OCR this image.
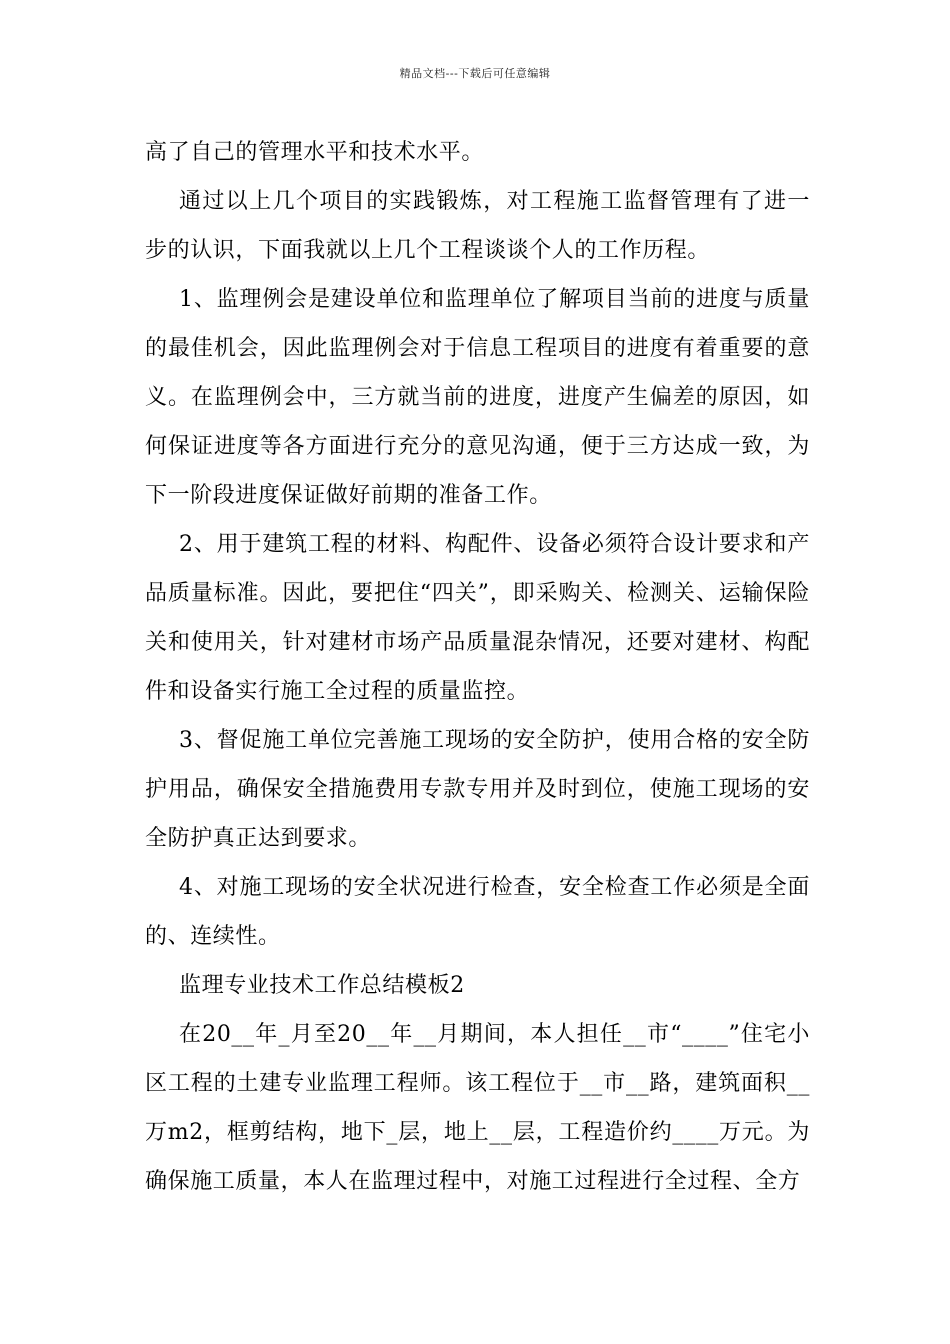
精品文档---下载后可任意编辑

高了自己的管理水平和技术水平。

通过以上几个项目的实践锻炼，对工程施工监督管理有了进一步的认识，下面我就以上几个工程谈谈个人的工作历程。

1、监理例会是建设单位和监理单位了解项目当前的进度与质量的最佳机会，因此监理例会对于信息工程项目的进度有着重要的意义。在监理例会中，三方就当前的进度，进度产生偏差的原因，如何保证进度等各方面进行充分的意见沟通，便于三方达成一致，为下一阶段进度保证做好前期的准备工作。

2、用于建筑工程的材料、构配件、设备必须符合设计要求和产品质量标准。因此，要把住“四关”，即采购关、检测关、运输保险关和使用关，针对建材市场产品质量混杂情况，还要对建材、构配件和设备实行施工全过程的质量监控。

3、督促施工单位完善施工现场的安全防护，使用合格的安全防护用品，确保安全措施费用专款专用并及时到位，使施工现场的安全防护真正达到要求。

4、对施工现场的安全状况进行检查，安全检查工作必须是全面的、连续性。

监理专业技术工作总结模板2

在20__年_月至20__年__月期间，本人担任__市“____”住宅小区工程的土建专业监理工程师。该工程位于__市__路，建筑面积__万m2，框剪结构，地下_层，地上__层，工程造价约____万元。为确保施工质量，本人在监理过程中，对施工过程进行全过程、全方
